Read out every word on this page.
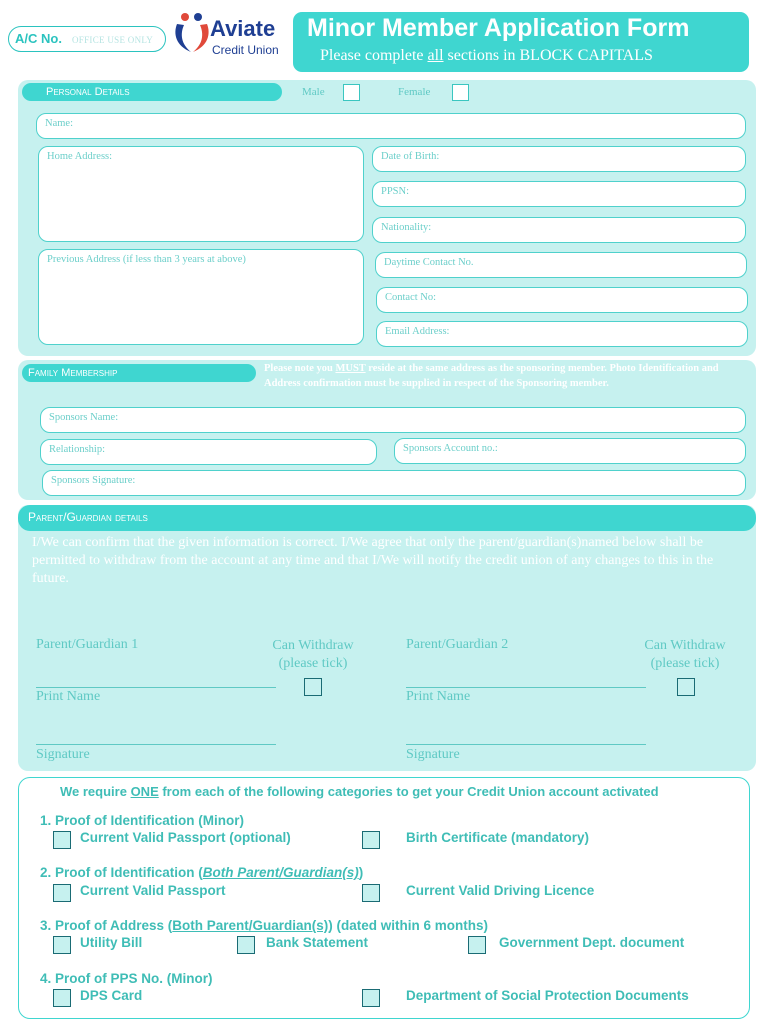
A/C No. OFFICE USE ONLY	Aviate
Credit Union
Minor Member Application Form
Please complete all sections in BLOCK CAPITALS
Personal Details	Male	Female
Name:
Home Address:	Date of Birth:
PPSN:
Nationality:
Previous Address (if less than 3 years at above)	Daytime Contact No.
Contact No:
Email Address:
Family Membership	Please note you MUST reside at the same address as the sponsoring member. Photo Identification and Address confirmation must be supplied in respect of the Sponsoring member.
Sponsors Name:
Relationship:	Sponsors Account no.:
Sponsors Signature:
Parent/Guardian details
I/We can confirm that the given information is correct. I/We agree that only the parent/guardian(s)named below shall be permitted to withdraw from the account at any time and that I/We will notify the credit union of any changes to this in the future.
Parent/Guardian 1	Can Withdraw
(please tick)
Print Name
Signature
Parent/Guardian 2	Can Withdraw
(please tick)
Print Name
Signature
We require ONE from each of the following categories to get your Credit Union account activated
1. Proof of Identification (Minor)
Current Valid Passport (optional)	Birth Certificate (mandatory)
2. Proof of Identification (Both Parent/Guardian(s))
Current Valid Passport	Current Valid Driving Licence
3. Proof of Address (Both Parent/Guardian(s)) (dated within 6 months)
Utility Bill	Bank Statement	Government Dept. document
4. Proof of PPS No. (Minor)
DPS Card	Department of Social Protection Documents
